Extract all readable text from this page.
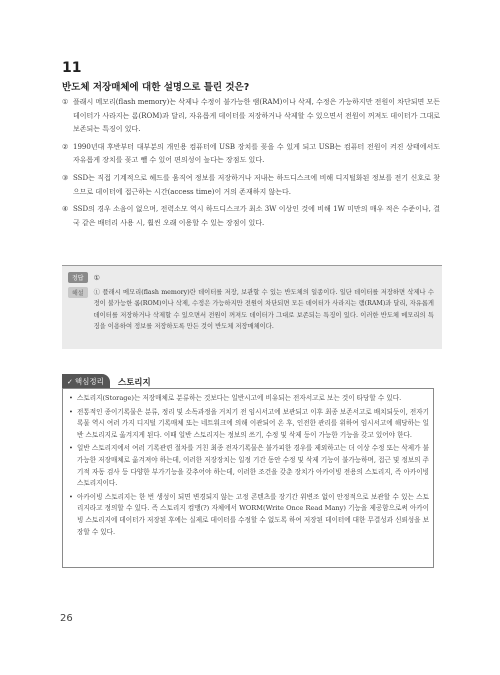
11
반도체 저장매체에 대한 설명으로 틀린 것은?
① 플래시 메모리(flash memory)는 삭제나 수정이 불가능한 램(RAM)이나 삭제, 수정은 가능하지만 전원이 차단되면 모든 데이터가 사라지는 롬(ROM)과 달리, 자유롭게 데이터를 저장하거나 삭제할 수 있으면서 전원이 꺼져도 데이터가 그대로 보존되는 특징이 있다.
② 1990년대 후반부터 대부분의 개인용 컴퓨터에 USB 장치를 꽂을 수 있게 되고 USB는 컴퓨터 전원이 켜진 상태에서도 자유롭게 장치를 꽂고 뺄 수 있어 편의성이 높다는 장점도 있다.
③ SSD는 직접 기계적으로 헤드를 움직여 정보를 저장하거나 저내는 하드디스크에 비해 디지털화된 정보를 전기 신호로 찾으므로 데이터에 접근하는 시간(access time)이 거의 존재하지 않는다.
④ SSD의 경우 소음이 없으며, 전력소모 역시 하드디스크가 최소 3W 이상인 것에 비해 1W 미만의 매우 적은 수준이나, 결국 같은 배터리 사용 시, 훨씬 오래 이용할 수 있는 장점이 있다.
정답	①
해설	① 플래시 메모리(flash memory)란 데이터를 저장, 보관할 수 있는 반도체의 일종이다. 일단 데이터를 저장하면 삭제나 수정이 불가능한 롬(ROM)이나 삭제, 수정은 가능하지만 전원이 차단되면 모든 데이터가 사라지는 램(RAM)과 달리, 자유롭게 데이터를 저장하거나 삭제할 수 있으면서 전원이 꺼져도 데이터가 그대로 보존되는 특징이 있다. 이러한 반도체 메모리의 특징을 이용하여 정보를 저장하도록 만든 것이 반도체 저장매체이다.
✓ 핵심정리	스토리지
• 스토리지(Storage)는 저장매체로 분류하는 것보다는 일반시고에 비유되는 전자서고로 보는 것이 타당할 수 있다.
• 전통적인 종이기록물은 분류, 정리 및 소독과정을 거치기 전 임시서고에 보관되고 이후 최종 보존서고로 배치되듯이, 전자기록물 역시 여러 가지 디지털 기록매체 또는 네트워크에 의해 이관되어 온 후, 인전한 관리를 위하여 임시서고에 해당하는 일반 스토리지로 옮겨지게 된다. 이때 일반 스토리지는 정보의 쓰기, 수정 및 삭제 등이 가능한 기능을 갖고 있어야 한다.
• 일반 스토리지에서 여러 기록관련 절차를 거친 최종 전자기록물은 불가피한 경우를 제외하고는 더 이상 수정 또는 삭제가 불가능한 저장매체로 옮겨져야 하는데, 이러한 저장장치는 일정 기간 동안 수정 및 삭제 기능이 불가능하며, 접근 및 정보의 주기적 자동 검사 등 다양한 부가기능을 갖추어야 하는데, 이러한 조건을 갖춘 장치가 아카이빙 전용의 스토리지, 즉 아카이빙 스토리지이다.
• 아카이빙 스토리지는 한 번 생성이 되면 변경되지 않는 고정 콘텐츠를 장기간 위변조 없이 안정적으로 보관할 수 있는 스토리지라고 정의할 수 있다. 즉 스토리지 컴맹(?) 자체에서 WORM(Write Once Read Many) 기능을 제공함으로써 아카이빙 스토리지에 데이터가 저장된 후에는 실제로 데이터를 수정할 수 없도록 하여 저장된 데이터에 대한 무결성과 신뢰성을 보장할 수 있다.
26
